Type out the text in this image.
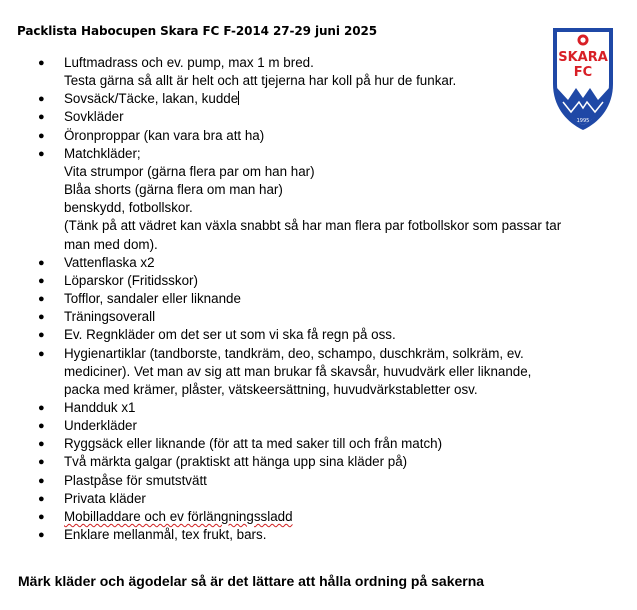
Packlista Habocupen Skara FC F-2014 27-29 juni 2025
SKARA
FC
1995
● Luftmadrass och ev. pump, max 1 m bred.
Testa gärna så allt är helt och att tjejerna har koll på hur de funkar.
● Sovsäck/Täcke, lakan, kudde
● Sovkläder
● Öronproppar (kan vara bra att ha)
● Matchkläder;
Vita strumpor (gärna flera par om han har)
Blåa shorts (gärna flera om man har)
benskydd, fotbollskor.
(Tänk på att vädret kan växla snabbt så har man flera par fotbollskor som passar tar
man med dom).
● Vattenflaska x2
● Löparskor (Fritidsskor)
● Tofflor, sandaler eller liknande
● Träningsoverall
● Ev. Regnkläder om det ser ut som vi ska få regn på oss.
● Hygienartiklar (tandborste, tandkräm, deo, schampo, duschkräm, solkräm, ev.
mediciner). Vet man av sig att man brukar få skavsår, huvudvärk eller liknande,
packa med krämer, plåster, vätskeersättning, huvudvärkstabletter osv.
● Handduk x1
● Underkläder
● Ryggsäck eller liknande (för att ta med saker till och från match)
● Två märkta galgar (praktiskt att hänga upp sina kläder på)
● Plastpåse för smutstvätt
● Privata kläder
● Mobilladdare och ev förlängningssladd
● Enklare mellanmål, tex frukt, bars.
Märk kläder och ägodelar så är det lättare att hålla ordning på sakerna
